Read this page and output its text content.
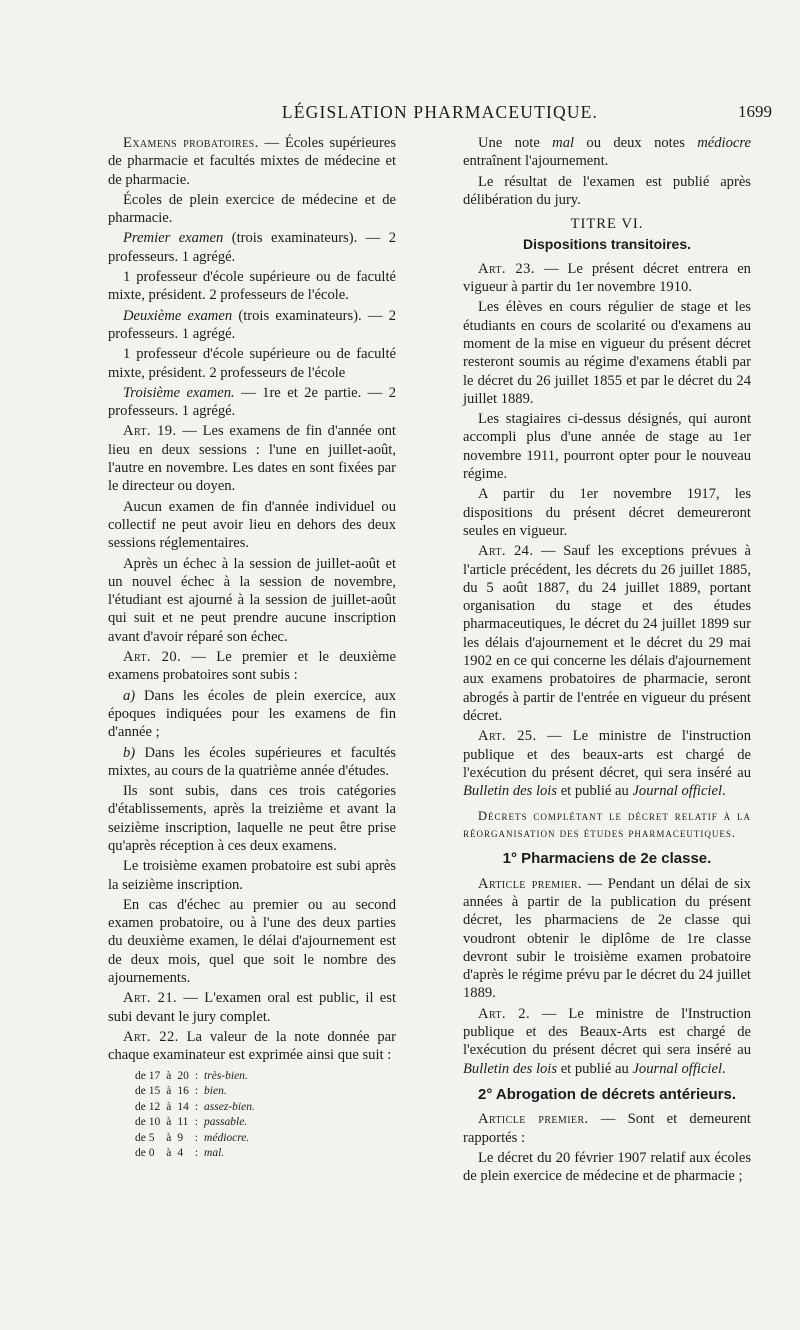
LÉGISLATION PHARMACEUTIQUE.	1699

Examens probatoires. — Écoles supérieures de pharmacie et facultés mixtes de médecine et de pharmacie.

Écoles de plein exercice de médecine et de pharmacie.

Premier examen (trois examinateurs). — 2 professeurs. 1 agrégé.

1 professeur d'école supérieure ou de faculté mixte, président. 2 professeurs de l'école.

Deuxième examen (trois examinateurs). — 2 professeurs. 1 agrégé.

1 professeur d'école supérieure ou de faculté mixte, président. 2 professeurs de l'école

Troisième examen. — 1re et 2e partie. — 2 professeurs. 1 agrégé.

Art. 19. — Les examens de fin d'année ont lieu en deux sessions : l'une en juillet-août, l'autre en novembre. Les dates en sont fixées par le directeur ou doyen.

Aucun examen de fin d'année individuel ou collectif ne peut avoir lieu en dehors des deux sessions réglementaires.

Après un échec à la session de juillet-août et un nouvel échec à la session de novembre, l'étudiant est ajourné à la session de juillet-août qui suit et ne peut prendre aucune inscription avant d'avoir réparé son échec.

Art. 20. — Le premier et le deuxième examens probatoires sont subis :

a) Dans les écoles de plein exercice, aux époques indiquées pour les examens de fin d'année ;

b) Dans les écoles supérieures et facultés mixtes, au cours de la quatrième année d'études.

Ils sont subis, dans ces trois catégories d'établissements, après la treizième et avant la seizième inscription, laquelle ne peut être prise qu'après réception à ces deux examens.

Le troisième examen probatoire est subi après la seizième inscription.

En cas d'échec au premier ou au second examen probatoire, ou à l'une des deux parties du deuxième examen, le délai d'ajournement est de deux mois, quel que soit le nombre des ajournements.

Art. 21. — L'examen oral est public, il est subi devant le jury complet.

Art. 22. La valeur de la note donnée par chaque examinateur est exprimée ainsi que suit :

de 17	à	20	:	très-bien.
de 15	à	16	:	bien.
de 12	à	14	:	assez-bien.
de 10	à	11	:	passable.
de 5	à	9	:	médiocre.
de 0	à	4	:	mal.

Une note mal ou deux notes médiocre entraînent l'ajournement.

Le résultat de l'examen est publié après délibération du jury.

TITRE VI.

Dispositions transitoires.

Art. 23. — Le présent décret entrera en vigueur à partir du 1er novembre 1910.

Les élèves en cours régulier de stage et les étudiants en cours de scolarité ou d'examens au moment de la mise en vigueur du présent décret resteront soumis au régime d'examens établi par le décret du 26 juillet 1855 et par le décret du 24 juillet 1889.

Les stagiaires ci-dessus désignés, qui auront accompli plus d'une année de stage au 1er novembre 1911, pourront opter pour le nouveau régime.

A partir du 1er novembre 1917, les dispositions du présent décret demeureront seules en vigueur.

Art. 24. — Sauf les exceptions prévues à l'article précédent, les décrets du 26 juillet 1885, du 5 août 1887, du 24 juillet 1889, portant organisation du stage et des études pharmaceutiques, le décret du 24 juillet 1899 sur les délais d'ajournement et le décret du 29 mai 1902 en ce qui concerne les délais d'ajournement aux examens probatoires de pharmacie, seront abrogés à partir de l'entrée en vigueur du présent décret.

Art. 25. — Le ministre de l'instruction publique et des beaux-arts est chargé de l'exécution du présent décret, qui sera inséré au Bulletin des lois et publié au Journal officiel.

Décrets complétant le décret relatif à la réorganisation des études pharmaceutiques.

1° Pharmaciens de 2e classe.

Article premier. — Pendant un délai de six années à partir de la publication du présent décret, les pharmaciens de 2e classe qui voudront obtenir le diplôme de 1re classe devront subir le troisième examen probatoire d'après le régime prévu par le décret du 24 juillet 1889.

Art. 2. — Le ministre de l'Instruction publique et des Beaux-Arts est chargé de l'exécution du présent décret qui sera inséré au Bulletin des lois et publié au Journal officiel.

2° Abrogation de décrets antérieurs.

Article premier. — Sont et demeurent rapportés :

Le décret du 20 février 1907 relatif aux écoles de plein exercice de médecine et de pharmacie ;
